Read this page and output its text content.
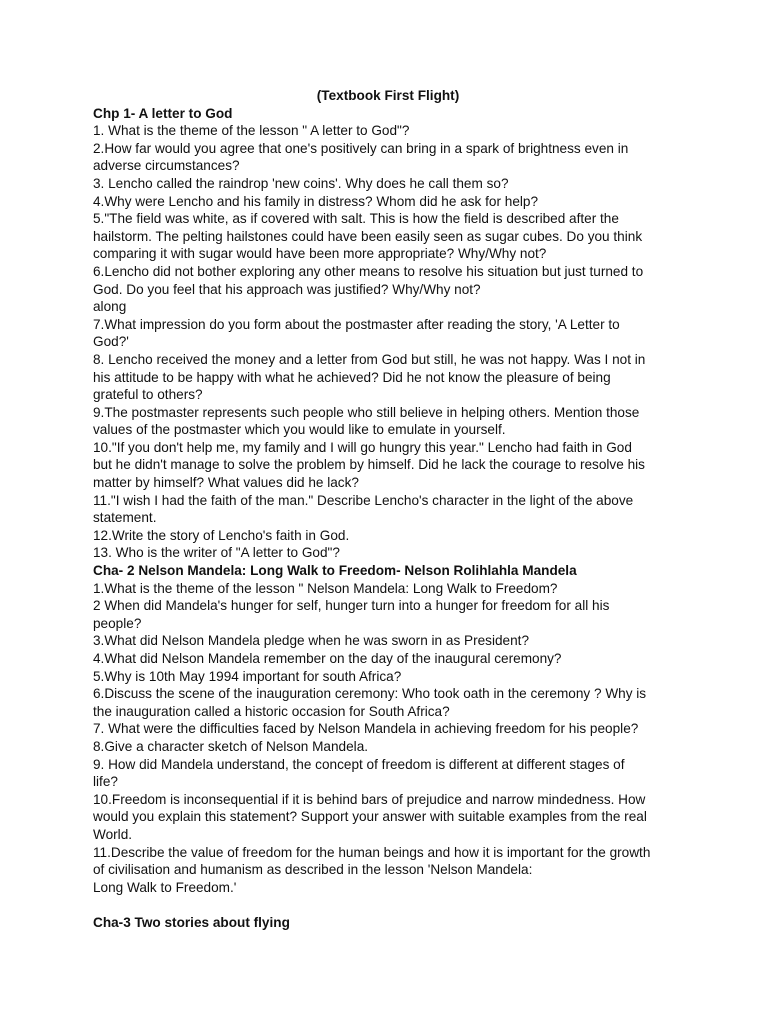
(Textbook First Flight)

Chp 1- A letter to God

1. What is the theme of the lesson " A letter to God"?
2.How far would you agree that one's positively can bring in a spark of brightness even in
adverse circumstances?
3. Lencho called the raindrop 'new coins'. Why does he call them so?
4.Why were Lencho and his family in distress? Whom did he ask for help?
5."The field was white, as if covered with salt. This is how the field is described after the
hailstorm. The pelting hailstones could have been easily seen as sugar cubes. Do you think
comparing it with sugar would have been more appropriate? Why/Why not?
6.Lencho did not bother exploring any other means to resolve his situation but just turned to
God. Do you feel that his approach was justified? Why/Why not?
along
7.What impression do you form about the postmaster after reading the story, 'A Letter to
God?'
8. Lencho received the money and a letter from God but still, he was not happy. Was I not in
his attitude to be happy with what he achieved? Did he not know the pleasure of being
grateful to others?
9.The postmaster represents such people who still believe in helping others. Mention those
values of the postmaster which you would like to emulate in yourself.
10."If you don't help me, my family and I will go hungry this year." Lencho had faith in God
but he didn't manage to solve the problem by himself. Did he lack the courage to resolve his
matter by himself? What values did he lack?
11."I wish I had the faith of the man." Describe Lencho's character in the light of the above
statement.
12.Write the story of Lencho's faith in God.
13. Who is the writer of "A letter to God"?

Cha- 2 Nelson Mandela: Long Walk to Freedom- Nelson Rolihlahla Mandela

1.What is the theme of the lesson " Nelson Mandela: Long Walk to Freedom?
2 When did Mandela's hunger for self, hunger turn into a hunger for freedom for all his
people?
3.What did Nelson Mandela pledge when he was sworn in as President?
4.What did Nelson Mandela remember on the day of the inaugural ceremony?
5.Why is 10th May 1994 important for south Africa?
6.Discuss the scene of the inauguration ceremony: Who took oath in the ceremony ? Why is
the inauguration called a historic occasion for South Africa?
7. What were the difficulties faced by Nelson Mandela in achieving freedom for his people?
8.Give a character sketch of Nelson Mandela.
9. How did Mandela understand, the concept of freedom is different at different stages of
life?
10.Freedom is inconsequential if it is behind bars of prejudice and narrow mindedness. How
would you explain this statement? Support your answer with suitable examples from the real
World.
11.Describe the value of freedom for the human beings and how it is important for the growth
of civilisation and humanism as described in the lesson 'Nelson Mandela:
Long Walk to Freedom.'

Cha-3 Two stories about flying
